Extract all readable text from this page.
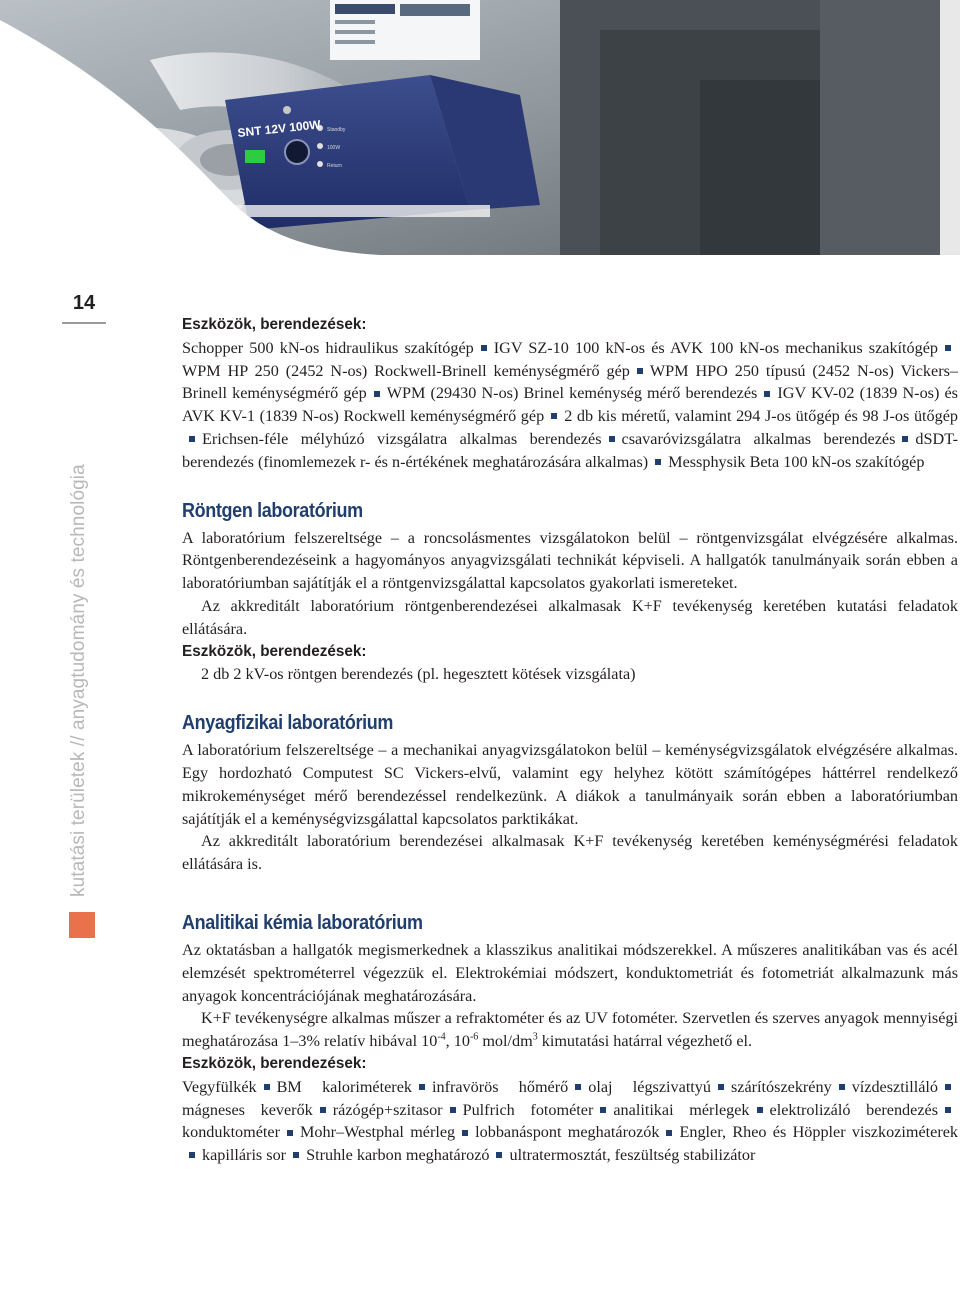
SNT 12V 100W Standby
100W
Return
14
kutatási területek // anyagtudomány és technológia

Eszközök, berendezések:

Schopper 500 kN-os hidraulikus szakítógép IGV SZ-10 100 kN-os és AVK 100 kN-os mechanikus szakítógépWPM HP 250 (2452 N-os) Rockwell-Brinell keménységmérő gép WPM HPO 250 típusú (2452 N-os) Vickers–Brinell keménységmérő gép WPM (29430 N-os) Brinel keménység mérő berendezés IGV KV-02 (1839 N-os) és AVK KV-1 (1839 N-os) Rockwell keménységmérő gép 2 db kis méretű, valamint 294 J-os ütőgép és 98 J-os ütőgépErichsen-féle mélyhúzó vizsgálatra alkalmas berendezés csavaróvizsgálatra alkalmas berendezés dSDT-berendezés (finomlemezek r- és n-értékének meghatározására alkalmas) Messphysik Beta 100 kN-os szakítógép

Röntgen laboratórium

A laboratórium felszereltsége – a roncsolásmentes vizsgálatokon belül – röntgenvizsgálat elvégzésére alkalmas. Röntgenberendezéseink a hagyományos anyagvizsgálati technikát képviseli. A hallgatók tanulmányaik során ebben a laboratóriumban sajátítják el a röntgenvizsgálattal kapcsolatos gyakorlati ismereteket.

Az akkreditált laboratórium röntgenberendezései alkalmasak K+F tevékenység keretében kutatási feladatok ellátására.

Eszközök, berendezések:

2 db 2 kV-os röntgen berendezés (pl. hegesztett kötések vizsgálata)

Anyagfizikai laboratórium

A laboratórium felszereltsége – a mechanikai anyagvizsgálatokon belül – keménységvizsgálatok elvégzésére alkalmas. Egy hordozható Computest SC Vickers-elvű, valamint egy helyhez kötött számítógépes háttérrel rendelkező mikrokeménységet mérő berendezéssel rendelkezünk. A diákok a tanulmányaik során ebben a laboratóriumban sajátítják el a keménységvizsgálattal kapcsolatos parktikákat.

Az akkreditált laboratórium berendezései alkalmasak K+F tevékenység keretében keménységmérési feladatok ellátására is.

Analitikai kémia laboratórium

Az oktatásban a hallgatók megismerkednek a klasszikus analitikai módszerekkel. A műszeres analitikában vas és acél elemzését spektrométerrel végezzük el. Elektrokémiai módszert, konduktometriát és fotometriát alkalmazunk más anyagok koncentrációjának meghatározására.

K+F tevékenységre alkalmas műszer a refraktométer és az UV fotométer. Szervetlen és szerves anyagok mennyiségi meghatározása 1–3% relatív hibával $10^{-4}$, $10^{-6}$ mol/$dm^3$ kimutatási határral végezhető el.

Eszközök, berendezések:

Vegyfülkék BM kaloriméterek infravörös hőmérő olaj légszivattyú szárítószekrény vízdesztillálómágneses keverők rázógép+szitasor Pulfrich fotométer analitikai mérlegek elektrolizáló berendezéskonduktométer Mohr–Westphal mérleg lobbanáspont meghatározók Engler, Rheo és Höppler viszkoziméterekkapilláris sor Struhle karbon meghatározó ultratermosztát, feszültség stabilizátor
